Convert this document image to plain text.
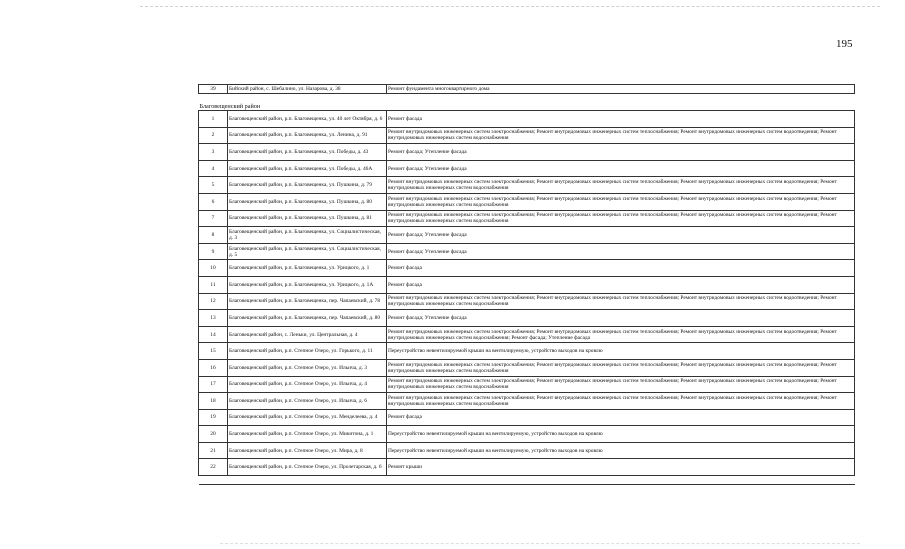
195
39	Бийский район, с. Шебалино, ул. Назарова, д. 38	Ремонт фундамента многоквартирного дома
Благовещенский район		
1	Благовещенский район, р.п. Благовещенка, ул. 40 лет Октября, д. 6	Ремонт фасада
2	Благовещенский район, р.п. Благовещенка, ул. Ленина, д. 91	Ремонт внутридомовых инженерных систем электроснабжения; Ремонт внутридомовых инженерных систем теплоснабжения; Ремонт внутридомовых инженерных систем водоотведения; Ремонт внутридомовых инженерных систем водоснабжения
3	Благовещенский район, р.п. Благовещенка, ул. Победы, д. 43	Ремонт фасада; Утепление фасада
4	Благовещенский район, р.п. Благовещенка, ул. Победы, д. 46А	Ремонт фасада; Утепление фасада
5	Благовещенский район, р.п. Благовещенка, ул. Пушкина, д. 79	Ремонт внутридомовых инженерных систем электроснабжения; Ремонт внутридомовых инженерных систем теплоснабжения; Ремонт внутридомовых инженерных систем водоотведения; Ремонт внутридомовых инженерных систем водоснабжения
6	Благовещенский район, р.п. Благовещенка, ул. Пушкина, д. 80	Ремонт внутридомовых инженерных систем электроснабжения; Ремонт внутридомовых инженерных систем теплоснабжения; Ремонт внутридомовых инженерных систем водоотведения; Ремонт внутридомовых инженерных систем водоснабжения
7	Благовещенский район, р.п. Благовещенка, ул. Пушкина, д. 81	Ремонт внутридомовых инженерных систем электроснабжения; Ремонт внутридомовых инженерных систем теплоснабжения; Ремонт внутридомовых инженерных систем водоотведения; Ремонт внутридомовых инженерных систем водоснабжения
8	Благовещенский район, р.п. Благовещенка, ул. Социалистическая, д. 3	Ремонт фасада; Утепление фасада
9	Благовещенский район, р.п. Благовещенка, ул. Социалистическая, д. 5	Ремонт фасада; Утепление фасада
10	Благовещенский район, р.п. Благовещенка, ул. Урицкого, д. 1	Ремонт фасада
11	Благовещенский район, р.п. Благовещенка, ул. Урицкого, д. 1А	Ремонт фасада
12	Благовещенский район, р.п. Благовещенка, пер. Чапаевский, д. 78	Ремонт внутридомовых инженерных систем электроснабжения; Ремонт внутридомовых инженерных систем теплоснабжения; Ремонт внутридомовых инженерных систем водоотведения; Ремонт внутридомовых инженерных систем водоснабжения
13	Благовещенский район, р.п. Благовещенка, пер. Чапаевский, д. 80	Ремонт фасада; Утепление фасада
14	Благовещенский район, с. Леньки, ул. Центральная, д. 4	Ремонт внутридомовых инженерных систем электроснабжения; Ремонт внутридомовых инженерных систем теплоснабжения; Ремонт внутридомовых инженерных систем водоотведения; Ремонт внутридомовых инженерных систем водоснабжения; Ремонт фасада; Утепление фасада
15	Благовещенский район, р.п. Степное Озеро, ул. Горького, д. 11	Переустройство невентилируемой крыши на вентилируемую, устройство выходов на кровлю
16	Благовещенский район, р.п. Степное Озеро, ул. Ильича, д. 3	Ремонт внутридомовых инженерных систем электроснабжения; Ремонт внутридомовых инженерных систем теплоснабжения; Ремонт внутридомовых инженерных систем водоотведения; Ремонт внутридомовых инженерных систем водоснабжения
17	Благовещенский район, р.п. Степное Озеро, ул. Ильича, д. 4	Ремонт внутридомовых инженерных систем электроснабжения; Ремонт внутридомовых инженерных систем теплоснабжения; Ремонт внутридомовых инженерных систем водоотведения; Ремонт внутридомовых инженерных систем водоснабжения
18	Благовещенский район, р.п. Степное Озеро, ул. Ильича, д. 6	Ремонт внутридомовых инженерных систем электроснабжения; Ремонт внутридомовых инженерных систем теплоснабжения; Ремонт внутридомовых инженерных систем водоотведения; Ремонт внутридомовых инженерных систем водоснабжения
19	Благовещенский район, р.п. Степное Озеро, ул. Менделеева, д. 4	Ремонт фасада
20	Благовещенский район, р.п. Степное Озеро, ул. Микитона, д. 1	Переустройство невентилируемой крыши на вентилируемую, устройство выходов на кровлю
21	Благовещенский район, р.п. Степное Озеро, ул. Мира, д. 8	Переустройство невентилируемой крыши на вентилируемую, устройство выходов на кровлю
22	Благовещенский район, р.п. Степное Озеро, ул. Пролетарская, д. 6	Ремонт крыши
